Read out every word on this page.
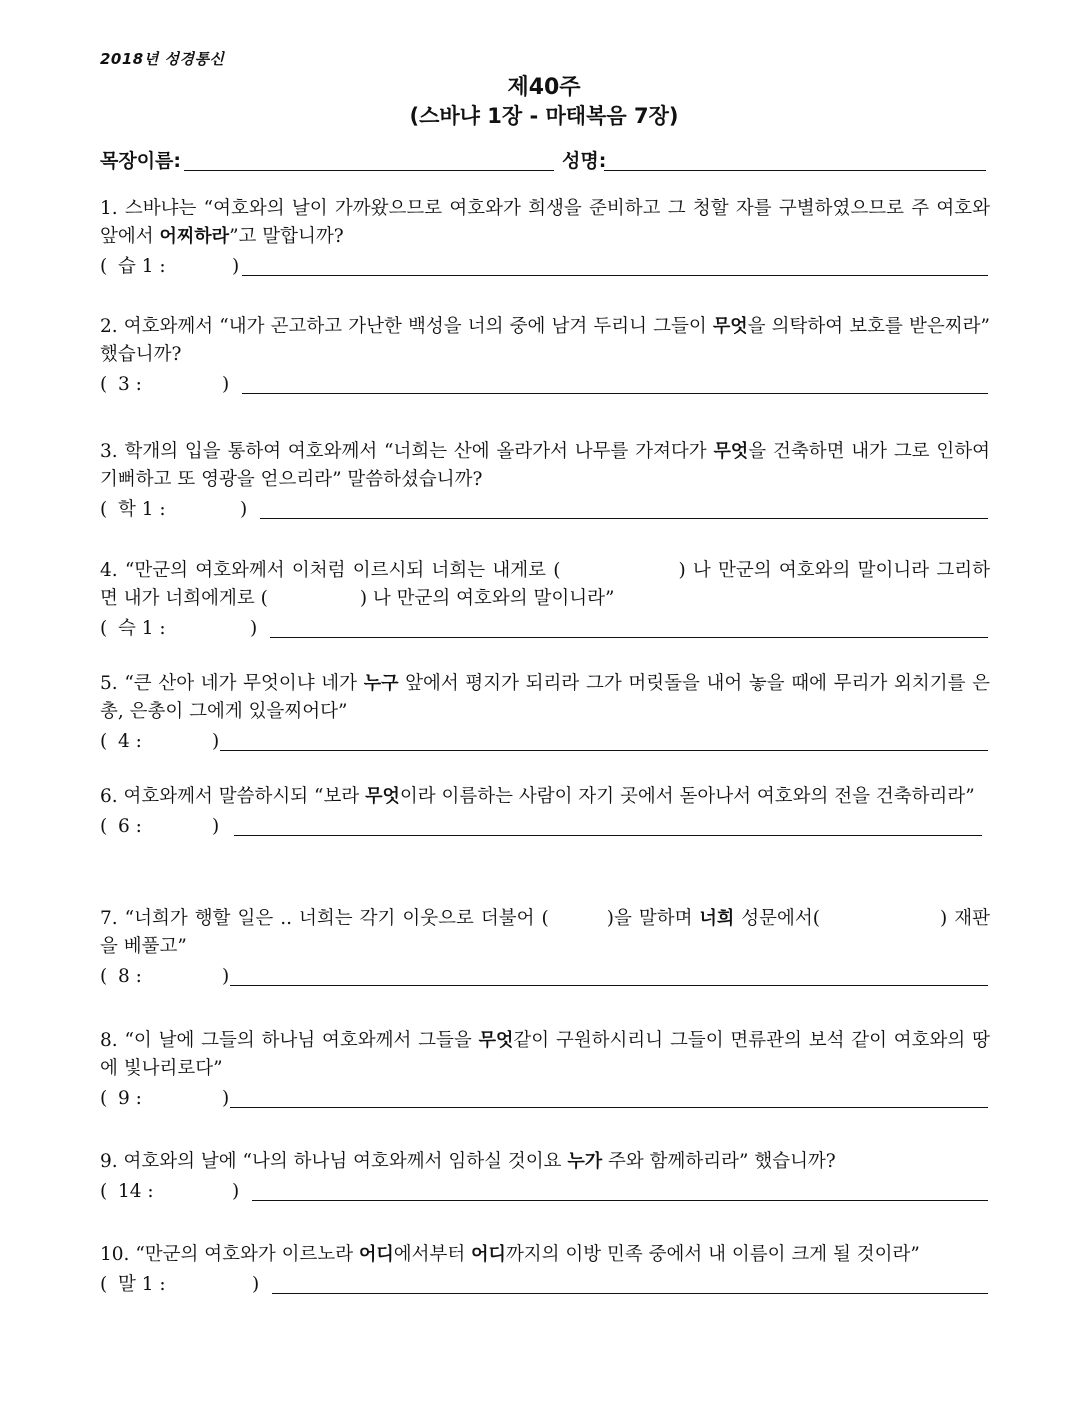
2018년 성경통신
제40주
(스바냐 1장 - 마태복음 7장)
목장이름:	성명:
1. 스바냐는 “여호와의 날이 가까왔으므로 여호와가 희생을 준비하고 그 청할 자를 구별하였으므로 주 여호와 앞에서 어찌하라”고 말합니까?
( 습 1 :	)
2. 여호와께서 “내가 곤고하고 가난한 백성을 너의 중에 남겨 두리니 그들이 무엇을 의탁하여 보호를 받은찌라” 했습니까?
( 3 :	)
3. 학개의 입을 통하여 여호와께서 “너희는 산에 올라가서 나무를 가져다가 무엇을 건축하면 내가 그로 인하여 기뻐하고 또 영광을 얻으리라” 말씀하셨습니까?
( 학 1 :	)
4. “만군의 여호와께서 이처럼 이르시되 너희는 내게로 (	) 나 만군의 여호와의 말이니라 그리하면 내가 너희에게로 (	) 나 만군의 여호와의 말이니라”
( 슥 1 :	)
5. “큰 산아 네가 무엇이냐 네가 누구 앞에서 평지가 되리라 그가 머릿돌을 내어 놓을 때에 무리가 외치기를 은총, 은총이 그에게 있을찌어다”
( 4 :	)
6. 여호와께서 말씀하시되 “보라 무엇이라 이름하는 사람이 자기 곳에서 돋아나서 여호와의 전을 건축하리라”
( 6 :	)
7. “너희가 행할 일은 .. 너희는 각기 이웃으로 더불어 (	)을 말하며 너희 성문에서(	) 재판을 베풀고”
( 8 :	)
8. “이 날에 그들의 하나님 여호와께서 그들을 무엇같이 구원하시리니 그들이 면류관의 보석 같이 여호와의 땅에 빛나리로다”
( 9 :	)
9. 여호와의 날에 “나의 하나님 여호와께서 임하실 것이요 누가 주와 함께하리라” 했습니까?
( 14 :	)
10. “만군의 여호와가 이르노라 어디에서부터 어디까지의 이방 민족 중에서 내 이름이 크게 될 것이라”
( 말 1 :	)
